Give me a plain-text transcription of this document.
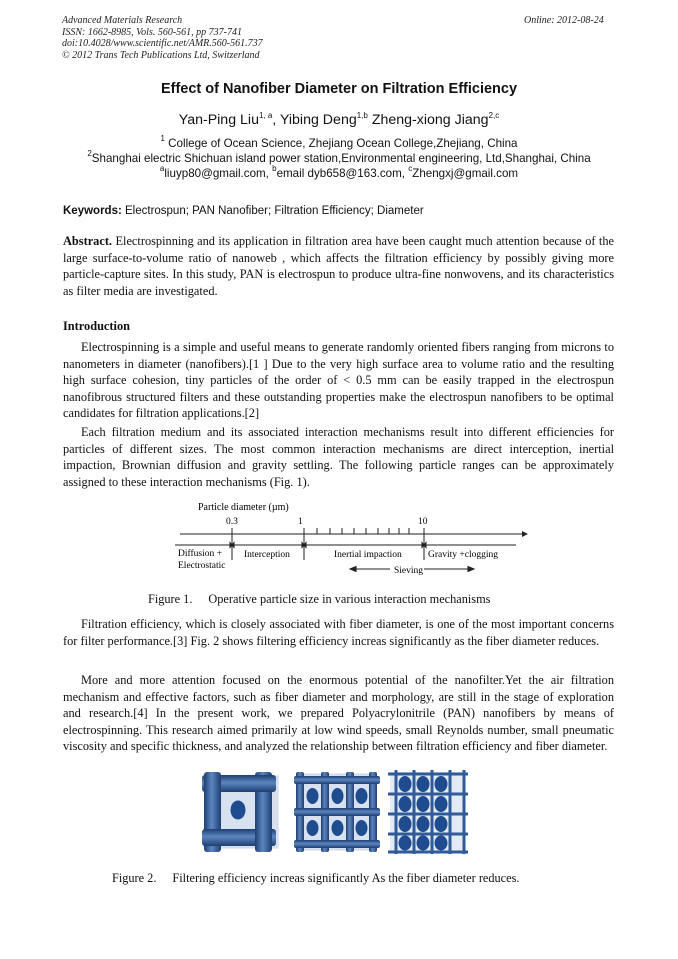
Advanced Materials Research
ISSN: 1662-8985, Vols. 560-561, pp 737-741
doi:10.4028/www.scientific.net/AMR.560-561.737
© 2012 Trans Tech Publications Ltd, Switzerland
Online: 2012-08-24
Effect of Nanofiber Diameter on Filtration Efficiency
Yan-Ping Liu$^{1, a}$, Yibing Deng$^{1,b}$ Zheng-xiong Jiang$^{2,c}$
$^1$ College of Ocean Science, Zhejiang Ocean College,Zhejiang, China
$^2$Shanghai electric Shichuan island power station,Environmental engineering, Ltd,Shanghai, China
$^a$liuyp80@gmail.com, $^b$email dyb658@163.com, $^c$Zhengxj@gmail.com
Keywords: Electrospun; PAN Nanofiber; Filtration Efficiency; Diameter

Abstract. Electrospinning and its application in filtration area have been caught much attention because of the large surface-to-volume ratio of nanoweb , which affects the filtration efficiency by possibly giving more particle-capture sites. In this study, PAN is electrospun to produce ultra-fine nonwovens, and its characteristics as filter media are investigated.

Introduction

Electrospinning is a simple and useful means to generate randomly oriented fibers ranging from microns to nanometers in diameter (nanofibers).[1 ] Due to the very high surface area to volume ratio and the resulting high surface cohesion, tiny particles of the order of < 0.5 mm can be easily trapped in the electrospun nanofibrous structured filters and these outstanding properties make the electrospun nanofibers to be optimal candidates for filtration applications.[2]

Each filtration medium and its associated interaction mechanisms result into different efficiencies for particles of different sizes. The most common interaction mechanisms are direct interception, inertial impaction, Brownian diffusion and gravity settling. The following particle ranges can be approximately assigned to these interaction mechanisms (Fig. 1).

Particle diameter (µm)
0.3	1	10
Diffusion +
Electrostatic
Interception	Inertial impaction	Gravity +clogging
Sieving
Figure 1. Operative particle size in various interaction mechanisms

Filtration efficiency, which is closely associated with fiber diameter, is one of the most important concerns for filter performance.[3] Fig. 2 shows filtering efficiency increas significantly as the fiber diameter reduces.

More and more attention focused on the enormous potential of the nanofilter.Yet the air filtration mechanism and effective factors, such as fiber diameter and morphology, are still in the stage of exploration and research.[4] In the present work, we prepared Polyacrylonitrile (PAN) nanofibers by means of electrospinning. This research aimed primarily at low wind speeds, small Reynolds number, small pneumatic viscosity and specific thickness, and analyzed the relationship between filtration efficiency and fiber diameter.

Figure 2. Filtering efficiency increas significantly As the fiber diameter reduces.
